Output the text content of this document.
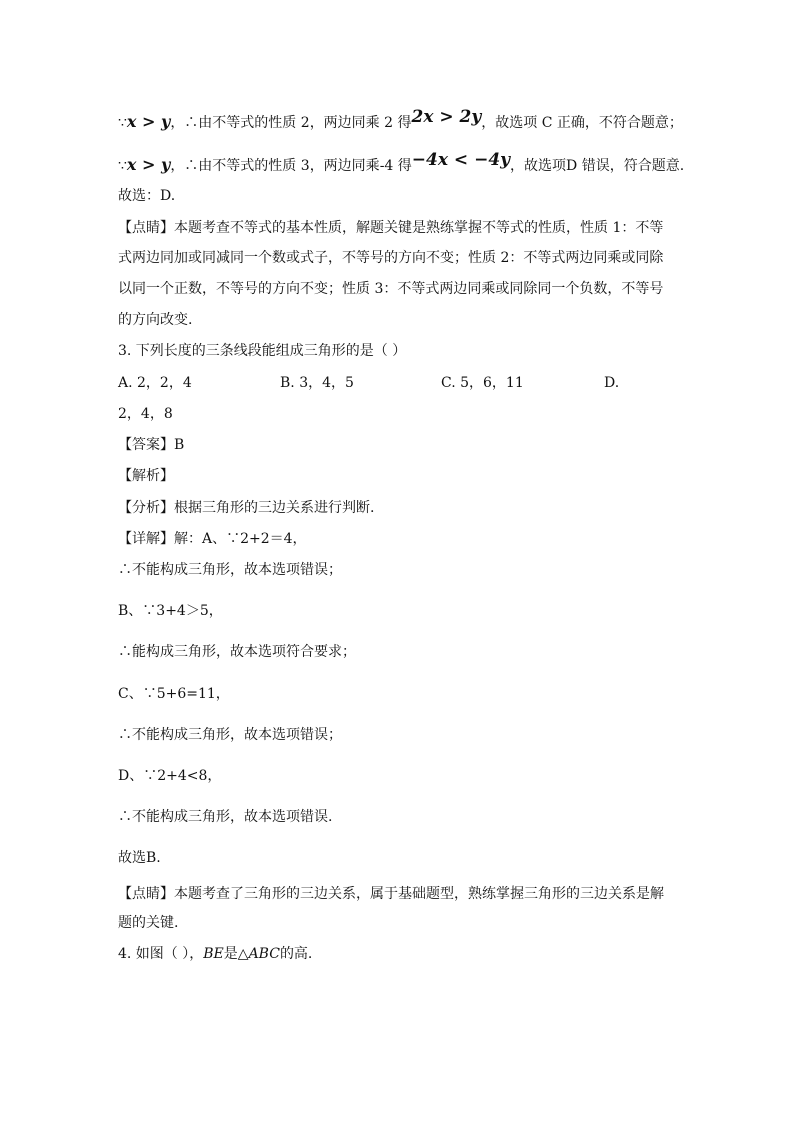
∵x > y，∴由不等式的性质 2，两边同乘 2 得2x > 2y，故选项 C 正确，不符合题意；
∵x > y，∴由不等式的性质 3，两边同乘-4 得−4x < −4y，故选项D 错误，符合题意.
故选：D.
【点睛】本题考查不等式的基本性质，解题关键是熟练掌握不等式的性质，性质 1：不等
式两边同加或同减同一个数或式子，不等号的方向不变；性质 2：不等式两边同乘或同除
以同一个正数，不等号的方向不变；性质 3：不等式两边同乘或同除同一个负数，不等号
的方向改变.
3. 下列长度的三条线段能组成三角形的是（ ）
A. 2，2，4	B. 3，4，5	C. 5，6，11	D.
2，4，8
【答案】B
【解析】
【分析】根据三角形的三边关系进行判断.
【详解】解：A、∵2+2＝4，
∴不能构成三角形，故本选项错误；
B、∵3+4＞5，
∴能构成三角形，故本选项符合要求；
C、∵5+6=11，
∴不能构成三角形，故本选项错误；
D、∵2+4<8，
∴不能构成三角形，故本选项错误.
故选B.
【点睛】本题考查了三角形的三边关系，属于基础题型，熟练掌握三角形的三边关系是解
题的关键.
4. 如图（ ），BE是△ABC的高.
